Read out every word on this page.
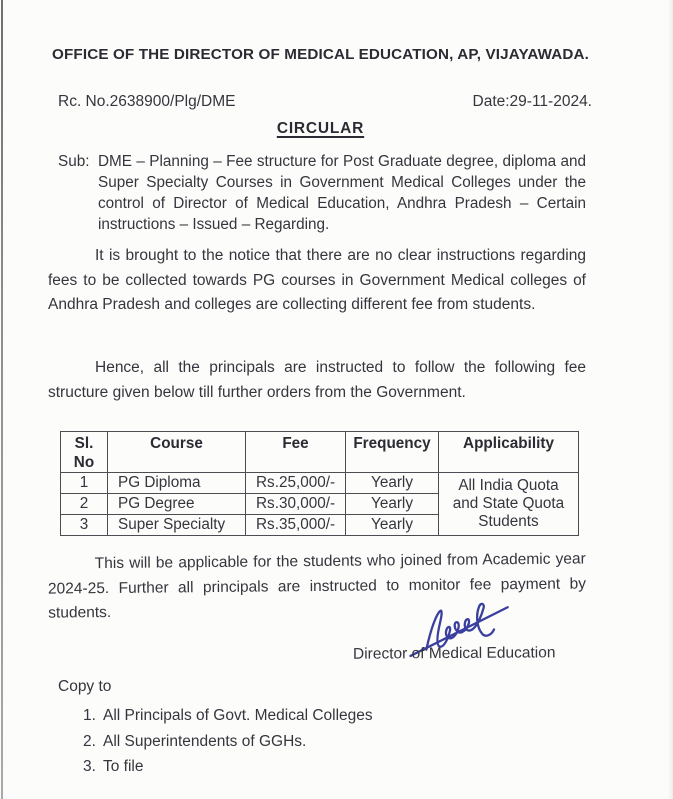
OFFICE OF THE DIRECTOR OF MEDICAL EDUCATION, AP, VIJAYAWADA.
Rc. No.2638900/Plg/DME	Date:29-11-2024.
CIRCULAR
Sub: DME – Planning – Fee structure for Post Graduate degree, diploma and Super Specialty Courses in Government Medical Colleges under the control of Director of Medical Education, Andhra Pradesh – Certain instructions – Issued – Regarding.
It is brought to the notice that there are no clear instructions regarding fees to be collected towards PG courses in Government Medical colleges of Andhra Pradesh and colleges are collecting different fee from students.
Hence, all the principals are instructed to follow the following fee structure given below till further orders from the Government.
Sl. No	Course	Fee	Frequency	Applicability
1	PG Diploma	Rs.25,000/-	Yearly	All India Quota and State Quota Students
2	PG Degree	Rs.30,000/-	Yearly	
3	Super Specialty	Rs.35,000/-	Yearly	
This will be applicable for the students who joined from Academic year 2024-25. Further all principals are instructed to monitor fee payment by students.
Director of Medical Education
Copy to
1. All Principals of Govt. Medical Colleges
2. All Superintendents of GGHs.
3. To file
